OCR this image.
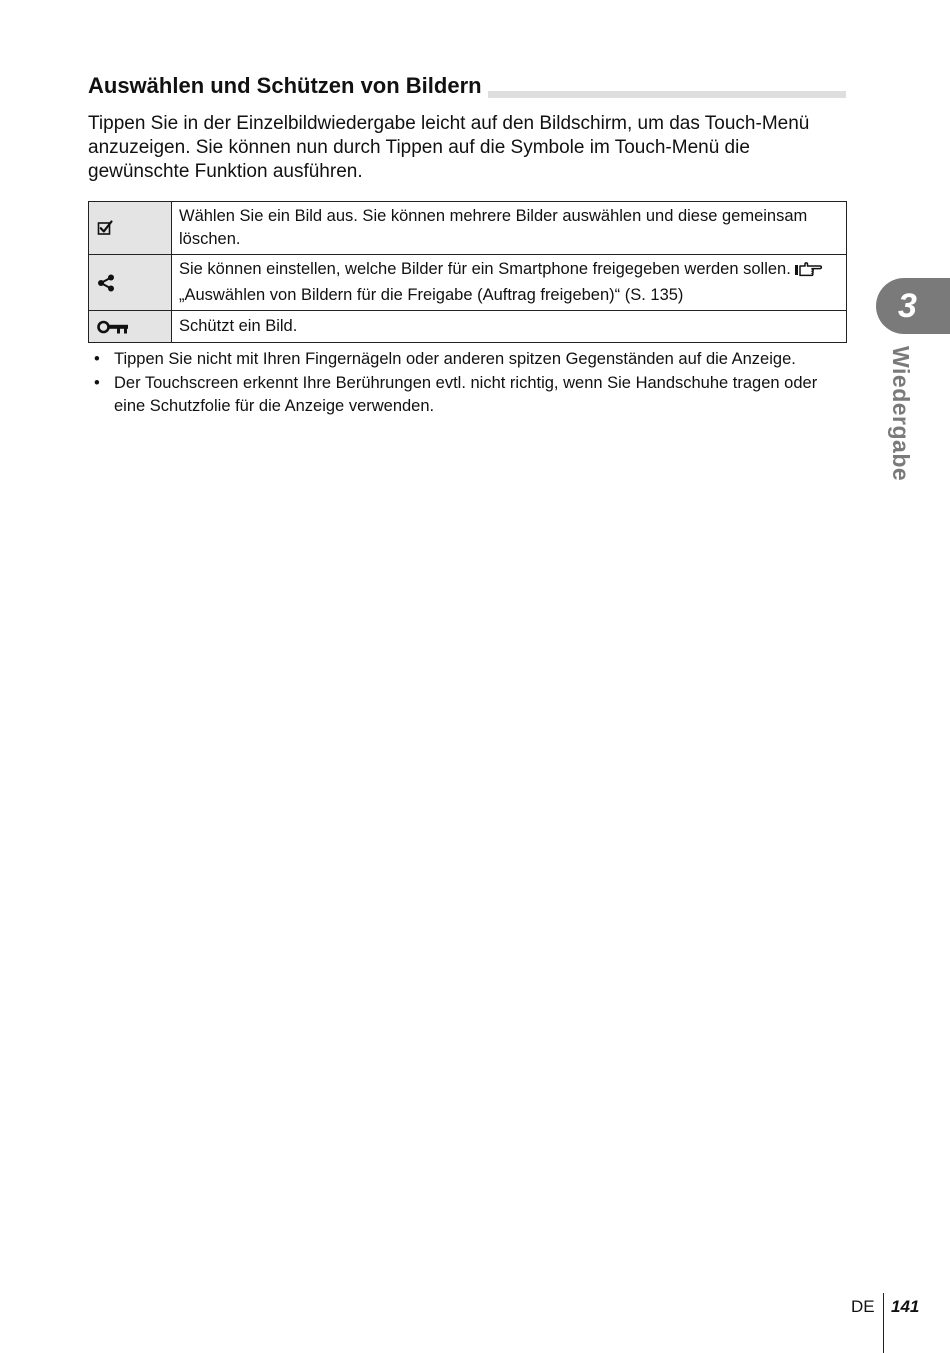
Auswählen und Schützen von Bildern

Tippen Sie in der Einzelbildwiedergabe leicht auf den Bildschirm, um das Touch-Menü anzuzeigen. Sie können nun durch Tippen auf die Symbole im Touch-Menü die gewünschte Funktion ausführen.

	Wählen Sie ein Bild aus. Sie können mehrere Bilder auswählen und diese gemeinsam löschen.

	Sie können einstellen, welche Bilder für ein Smartphone freigegeben werden sollen.„Auswählen von Bildern für die Freigabe (Auftrag freigeben)“ (S. 135)

	Schützt ein Bild.
• Tippen Sie nicht mit Ihren Fingernägeln oder anderen spitzen Gegenständen auf die Anzeige.
• Der Touchscreen erkennt Ihre Berührungen evtl. nicht richtig, wenn Sie Handschuhe tragen oder eine Schutzfolie für die Anzeige verwenden.
3
Wiedergabe
DE 141
